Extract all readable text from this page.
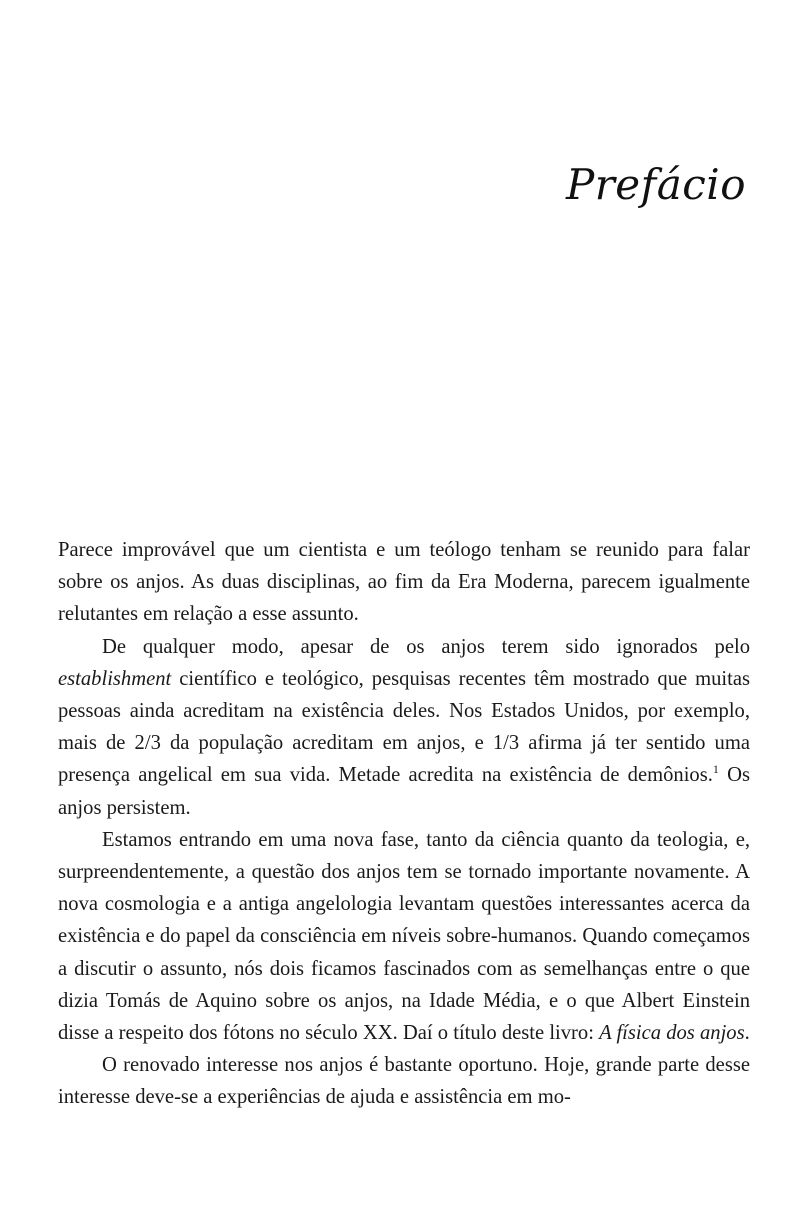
Prefácio

Parece improvável que um cientista e um teólogo tenham se reunido para falar sobre os anjos. As duas disciplinas, ao fim da Era Moderna, parecem igualmente relutantes em relação a esse assunto.

De qualquer modo, apesar de os anjos terem sido ignorados pelo establishment científico e teológico, pesquisas recentes têm mostrado que muitas pessoas ainda acreditam na existência deles. Nos Estados Unidos, por exemplo, mais de 2/3 da população acreditam em anjos, e 1/3 afirma já ter sentido uma presença angelical em sua vida. Metade acredita na existência de demônios.$^1$ Os anjos persistem.

Estamos entrando em uma nova fase, tanto da ciência quanto da teologia, e, surpreendentemente, a questão dos anjos tem se tornado importante novamente. A nova cosmologia e a antiga angelologia levantam questões interessantes acerca da existência e do papel da consciência em níveis sobre-humanos. Quando começamos a discutir o assunto, nós dois ficamos fascinados com as semelhanças entre o que dizia Tomás de Aquino sobre os anjos, na Idade Média, e o que Albert Einstein disse a respeito dos fótons no século XX. Daí o título deste livro: A física dos anjos.

O renovado interesse nos anjos é bastante oportuno. Hoje, grande parte desse interesse deve-se a experiências de ajuda e assistência em mo-
